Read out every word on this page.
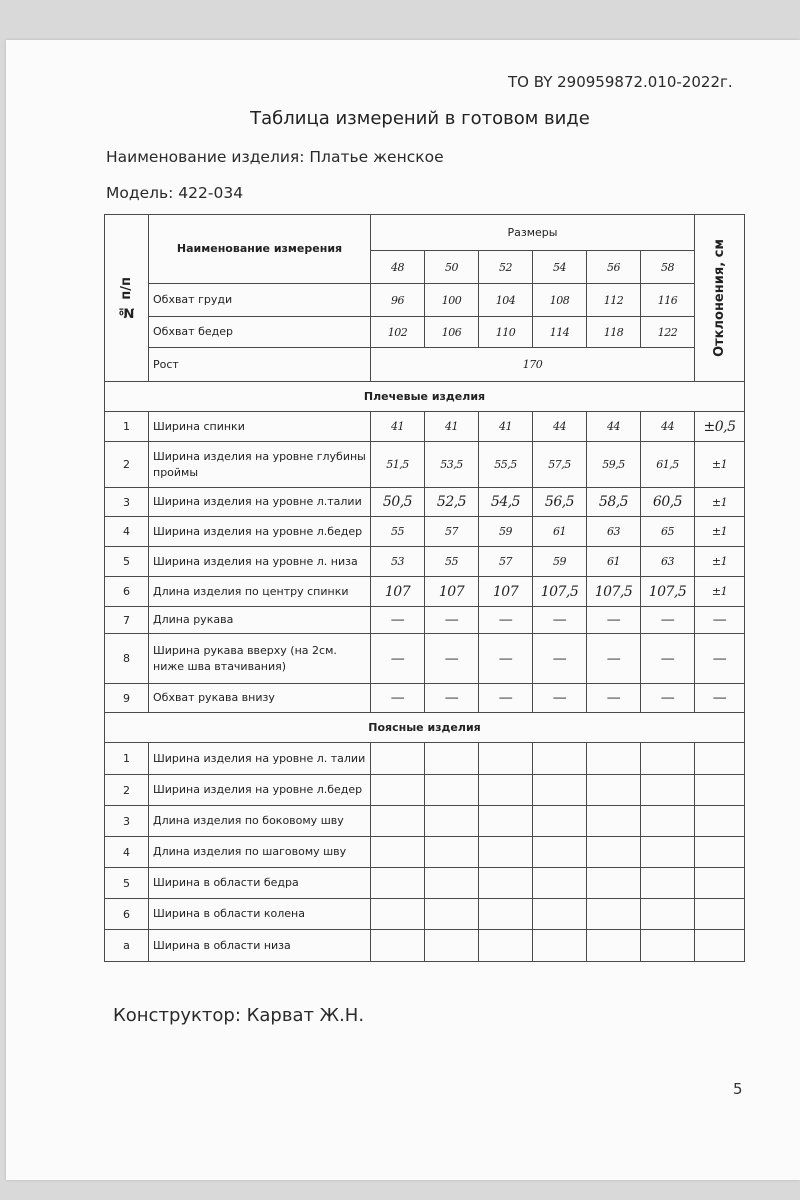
ТО BY 290959872.010-2022г.
Таблица измерений в готовом виде
Наименование изделия: Платье женское
Модель: 422-034
№ п/п	Наименование измерения	Размеры						Отклонения, см

		48	50	52	54	56	58	
	Обхват груди	96	100	104	108	112	116	
	Обхват бедер	102	106	110	114	118	122	
	Рост	170						
Плечевые изделия								
1	Ширина спинки	41	41	41	44	44	44	±0,5
2	Ширина изделия на уровне глубины проймы	51,5	53,5	55,5	57,5	59,5	61,5	±1
3	Ширина изделия на уровне л.талии	50,5	52,5	54,5	56,5	58,5	60,5	±1
4	Ширина изделия на уровне л.бедер	55	57	59	61	63	65	±1
5	Ширина изделия на уровне л. низа	53	55	57	59	61	63	±1
6	Длина изделия по центру спинки	107	107	107	107,5	107,5	107,5	±1
7	Длина рукава	—	—	—	—	—	—	—
8	Ширина рукава вверху (на 2см. ниже шва втачивания)	—	—	—	—	—	—	—
9	Обхват рукава внизу	—	—	—	—	—	—	—
Поясные изделия								
1	Ширина изделия на уровне л. талии							
2	Ширина изделия на уровне л.бедер							
3	Длина изделия по боковому шву							
4	Длина изделия по шаговому шву							
5	Ширина в области бедра							
6	Ширина в области колена							
а	Ширина в области низа							
Конструктор: Карват Ж.Н.
5
